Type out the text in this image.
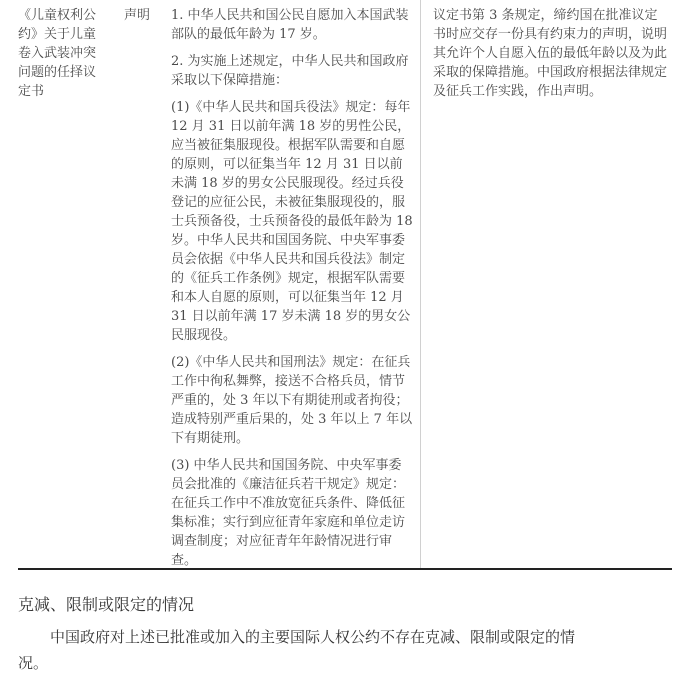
《儿童权利公约》关于儿童卷入武装冲突问题的任择议定书
声明	1. 中华人民共和国公民自愿加入本国武装部队的最低年龄为 17 岁。

2. 为实施上述规定，中华人民共和国政府采取以下保障措施：

(1)《中华人民共和国兵役法》规定：每年 12 月 31 日以前年满 18 岁的男性公民，应当被征集服现役。根据军队需要和自愿的原则，可以征集当年 12 月 31 日以前未满 18 岁的男女公民服现役。经过兵役登记的应征公民，未被征集服现役的，服士兵预备役，士兵预备役的最低年龄为 18 岁。中华人民共和国国务院、中央军事委员会依据《中华人民共和国兵役法》制定的《征兵工作条例》规定，根据军队需要和本人自愿的原则，可以征集当年 12 月 31 日以前年满 17 岁未满 18 岁的男女公民服现役。

(2)《中华人民共和国刑法》规定：在征兵工作中徇私舞弊，接送不合格兵员，情节严重的，处 3 年以下有期徒刑或者拘役；造成特别严重后果的，处 3 年以上 7 年以下有期徒刑。

(3) 中华人民共和国国务院、中央军事委员会批准的《廉洁征兵若干规定》规定：在征兵工作中不准放宽征兵条件、降低征集标准；实行到应征青年家庭和单位走访调查制度；对应征青年年龄情况进行审查。

议定书第 3 条规定，缔约国在批准议定书时应交存一份具有约束力的声明，说明其允许个人自愿入伍的最低年龄以及为此采取的保障措施。中国政府根据法律规定及征兵工作实践，作出声明。
克减、限制或限定的情况
中国政府对上述已批准或加入的主要国际人权公约不存在克减、限制或限定的情况。
